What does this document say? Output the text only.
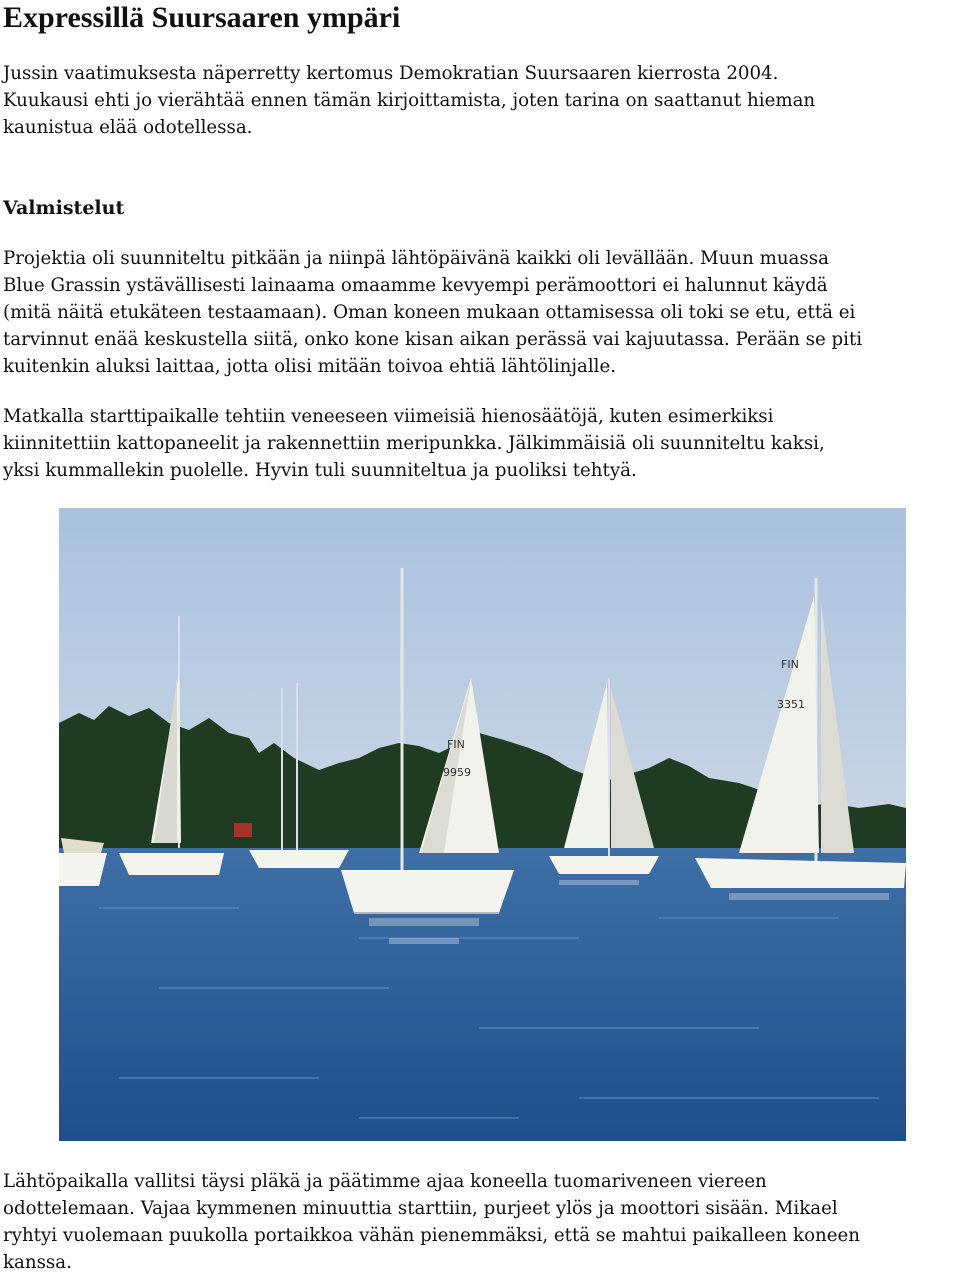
Expressillä Suursaaren ympäri

Jussin vaatimuksesta näperretty kertomus Demokratian Suursaaren kierrosta 2004.
Kuukausi ehti jo vierähtää ennen tämän kirjoittamista, joten tarina on saattanut hieman
kaunistua elää odotellessa.

Valmistelut

Projektia oli suunniteltu pitkään ja niinpä lähtöpäivänä kaikki oli levällään. Muun muassa
Blue Grassin ystävällisesti lainaama omaamme kevyempi perämoottori ei halunnut käydä
(mitä näitä etukäteen testaamaan). Oman koneen mukaan ottamisessa oli toki se etu, että ei
tarvinnut enää keskustella siitä, onko kone kisan aikan perässä vai kajuutassa. Perään se piti
kuitenkin aluksi laittaa, jotta olisi mitään toivoa ehtiä lähtölinjalle.

Matkalla starttipaikalle tehtiin veneeseen viimeisiä hienosäätöjä, kuten esimerkiksi
kiinnitettiin kattopaneelit ja rakennettiin meripunkka. Jälkimmäisiä oli suunniteltu kaksi,
yksi kummallekin puolelle. Hyvin tuli suunniteltua ja puoliksi tehtyä.

FIN
9959
FIN
3351

Lähtöpaikalla vallitsi täysi pläkä ja päätimme ajaa koneella tuomariveneen viereen
odottelemaan. Vajaa kymmenen minuuttia starttiin, purjeet ylös ja moottori sisään. Mikael
ryhtyi vuolemaan puukolla portaikkoa vähän pienemmäksi, että se mahtui paikalleen koneen
kanssa.
